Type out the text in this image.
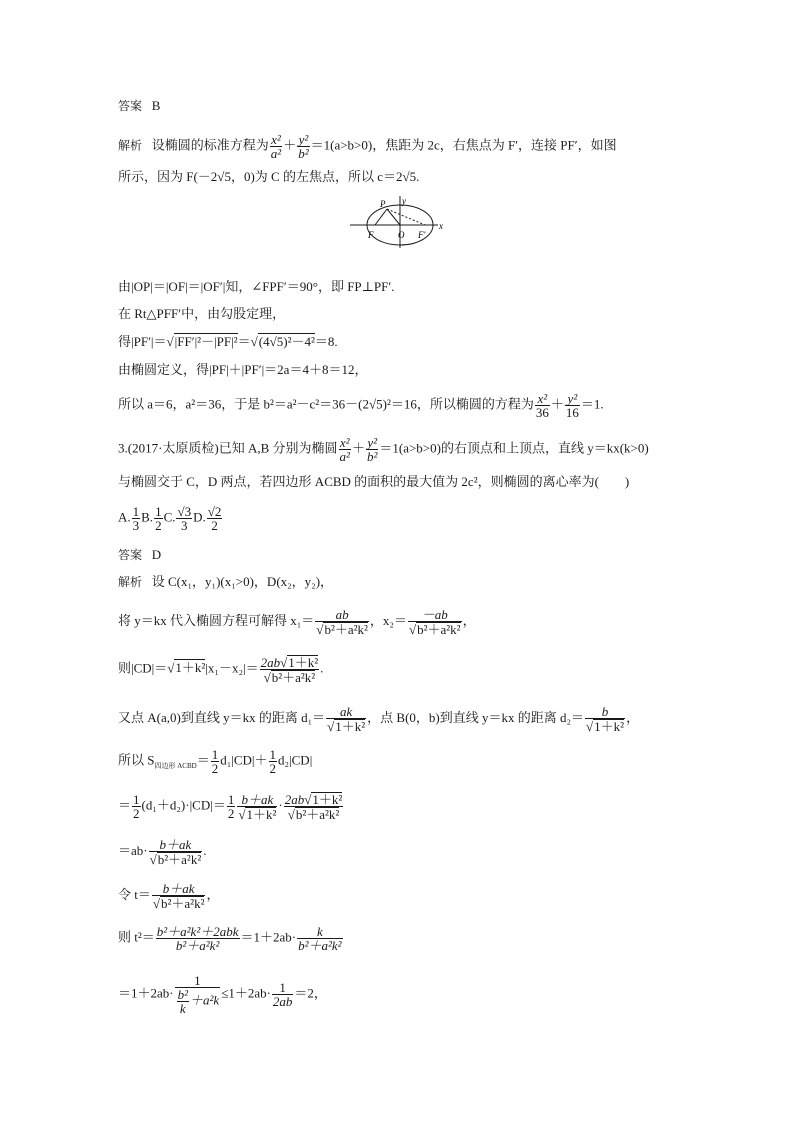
答案 B
解析 设椭圆的标准方程为 $\frac{\text{x²}}{\text{a²}} + \frac{\text{y²}}{\text{b²}} =1(a>b>0)$，焦距为 2c，右焦点为 F′，连接 PF′，如图
所示，因为 F(－2√5，0)为 C 的左焦点，所以 c＝2√5.
P y
F	O F′
x
由|OP|＝|OF|＝|OF′|知，∠FPF′＝90°，即 FP⊥PF′.
在 Rt△PFF′中，由勾股定理，
得|PF′|＝√|FF′|²－|PF|²＝√(4√5)²－4²＝8.
由椭圆定义，得|PF|＋|PF′|＝2a＝4＋8＝12，
所以 a＝6，a²＝36，于是 b²＝a²－c²＝36－(2√5)²＝16，所以椭圆的方程为 $\frac{\text{x²}}{36} + \frac{\text{y²}}{16} =1$.
3.(2017·太原质检)已知 A,B 分别为椭圆 $\frac{\text{x²}}{\text{a²}} + \frac{\text{y²}}{\text{b²}} =1(a>b>0)$的右顶点和上顶点，直线 y＝kx(k>0)
与椭圆交于 C，D 两点，若四边形 ACBD 的面积的最大值为 2c²，则椭圆的离心率为(　　)
A. $\frac{1}{3} B$. $\frac{1}{2} C$. $\frac{√3}{3} D$. $\frac{√2}{2}$
答案 D
解析 设 C(x₁，y₁)(x₁>0)，D(x₂，y₂)，
将 y＝kx 代入椭圆方程可解得 $x_1= \frac{ab}{\text{√b²＋a²k²}}$ ，$x_2= \frac{-ab}{\text{√b²＋a²k²}}$ ，
则$|CD|=√1+k^2|x_1-x_2|= \frac{\text{2ab√1＋k²}}{\text{√b²＋a²k²}}$ .
又点 A(a,0)到直线 y＝kx 的距离 $d_1= \frac{ak}{\text{√1＋k²}}$ ，点 B(0，b)到直线 y＝kx 的距离 $d_2= \frac{b}{\text{√1＋k²}}$ ，
所以 $S_{四边形 ACBD}= \frac{1}{2} d_1|CD|+ \frac{1}{2} d_2|CD|$
＝ $\frac{1}{2} (d_1+d_2)\cdot|CD|= \frac{1}{2} \frac{b+ak}{\text{√1＋k²}} \cdot \frac{\text{2ab√1＋k²}}{\text{√b²＋a²k²}}$
$=ab\cdot \frac{b+ak}{\text{√b²＋a²k²}}$ .
令 $t= \frac{b+ak}{\text{√b²＋a²k²}}$ ，
则 $t^2= \frac{\text{b²＋a²k²＋2abk}}{\text{b²＋a²k²}} =1+2ab\cdot \frac{k}{\text{b²＋a²k²}}$
$=1+2ab\cdot \frac{1}{\frac{\text{b²}}{k} +a^2k} \le 1+2ab\cdot \frac{1}{2ab} =2$，
